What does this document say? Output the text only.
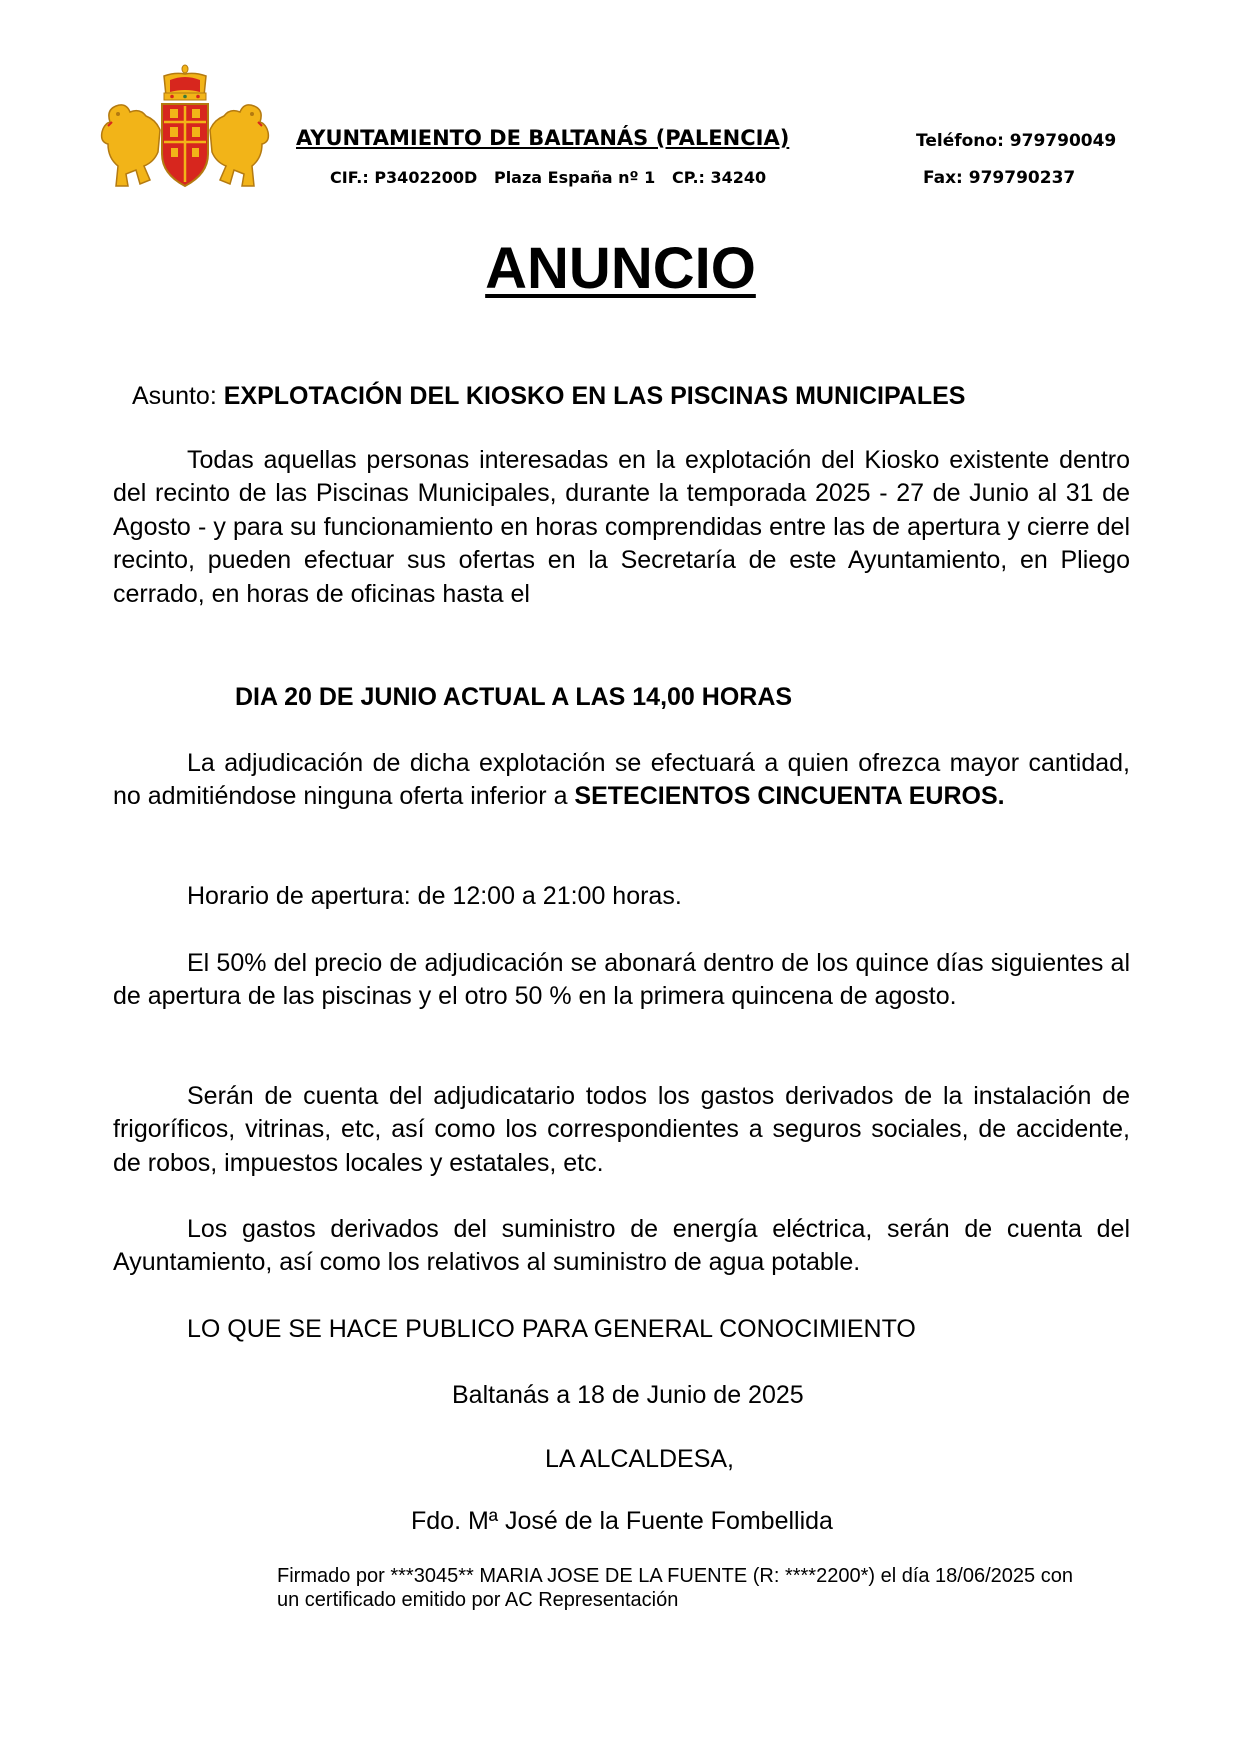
AYUNTAMIENTO DE BALTANÁS (PALENCIA)
CIF.: P3402200D   Plaza España nº 1   CP.: 34240
Teléfono: 979790049
Fax: 979790237
ANUNCIO
Asunto: EXPLOTACIÓN DEL KIOSKO EN LAS PISCINAS MUNICIPALES

Todas aquellas personas interesadas en la explotación del Kiosko existente dentro del recinto de las Piscinas Municipales, durante la temporada 2025 - 27 de Junio al 31 de Agosto - y para su funcionamiento en horas comprendidas entre las de apertura y cierre del recinto, pueden efectuar sus ofertas en la Secretaría de este Ayuntamiento, en Pliego cerrado, en horas de oficinas hasta el

DIA 20 DE JUNIO ACTUAL A LAS 14,00 HORAS

La adjudicación de dicha explotación se efectuará a quien ofrezca mayor cantidad, no admitiéndose ninguna oferta inferior a SETECIENTOS CINCUENTA EUROS.

Horario de apertura: de 12:00 a 21:00 horas.

El 50% del precio de adjudicación se abonará dentro de los quince días siguientes al de apertura de las piscinas y el otro 50 % en la primera quincena de agosto.

Serán de cuenta del adjudicatario todos los gastos derivados de la instalación de frigoríficos, vitrinas, etc, así como los correspondientes a seguros sociales, de accidente, de robos, impuestos locales y estatales, etc.

Los gastos derivados del suministro de energía eléctrica, serán de cuenta del Ayuntamiento, así como los relativos al suministro de agua potable.

LO QUE SE HACE PUBLICO PARA GENERAL CONOCIMIENTO
Baltanás a 18 de Junio de 2025
LA ALCALDESA,
Fdo. Mª José de la Fuente Fombellida
Firmado por ***3045** MARIA JOSE DE LA FUENTE (R: ****2200*) el día 18/06/2025 con un certificado emitido por AC Representación
